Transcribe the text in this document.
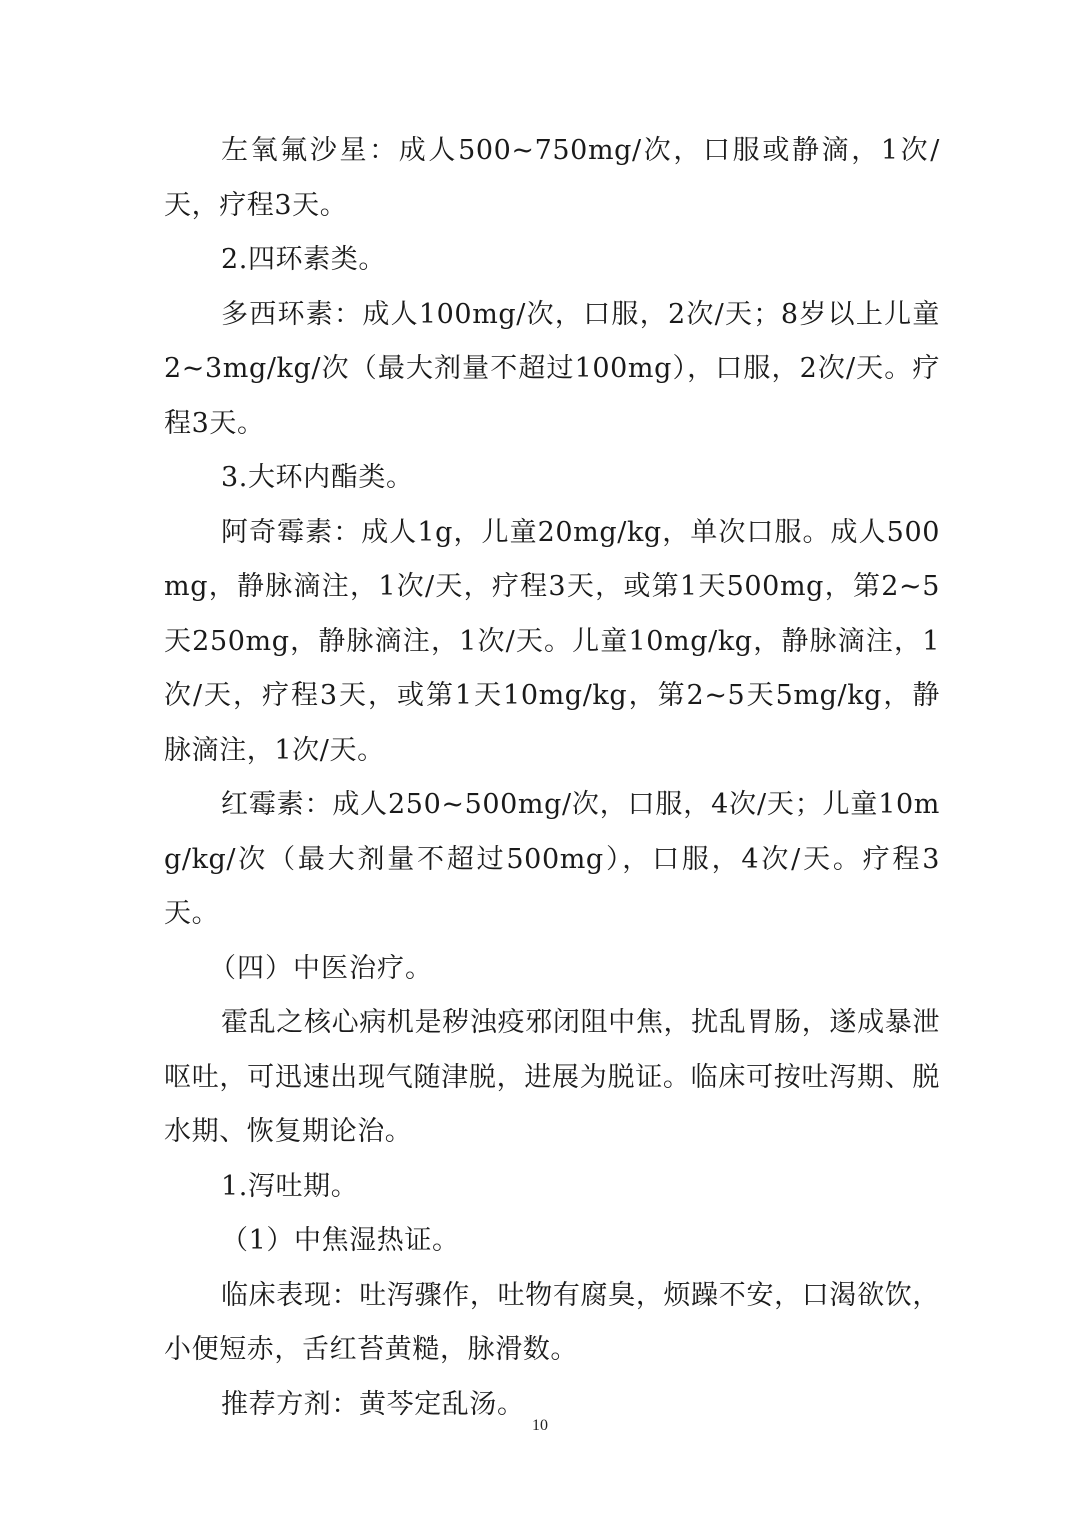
左氧氟沙星：成人500~750mg/次，口服或静滴，1次/天，疗程3天。

2.四环素类。

多西环素：成人100mg/次，口服，2次/天；8岁以上儿童2~3mg/kg/次（最大剂量不超过100mg），口服，2次/天。疗程3天。

3.大环内酯类。

阿奇霉素：成人1g，儿童20mg/kg，单次口服。成人500mg，静脉滴注，1次/天，疗程3天，或第1天500mg，第2~5天250mg，静脉滴注，1次/天。儿童10mg/kg，静脉滴注，1次/天，疗程3天，或第1天10mg/kg，第2~5天5mg/kg，静脉滴注，1次/天。

红霉素：成人250~500mg/次，口服，4次/天；儿童10mg/kg/次（最大剂量不超过500mg），口服，4次/天。疗程3天。

（四）中医治疗。

霍乱之核心病机是秽浊疫邪闭阻中焦，扰乱胃肠，遂成暴泄呕吐，可迅速出现气随津脱，进展为脱证。临床可按吐泻期、脱水期、恢复期论治。

1.泻吐期。

（1）中焦湿热证。

临床表现：吐泻骤作，吐物有腐臭，烦躁不安，口渴欲饮，小便短赤，舌红苔黄糙，脉滑数。

推荐方剂：黄芩定乱汤。

10
